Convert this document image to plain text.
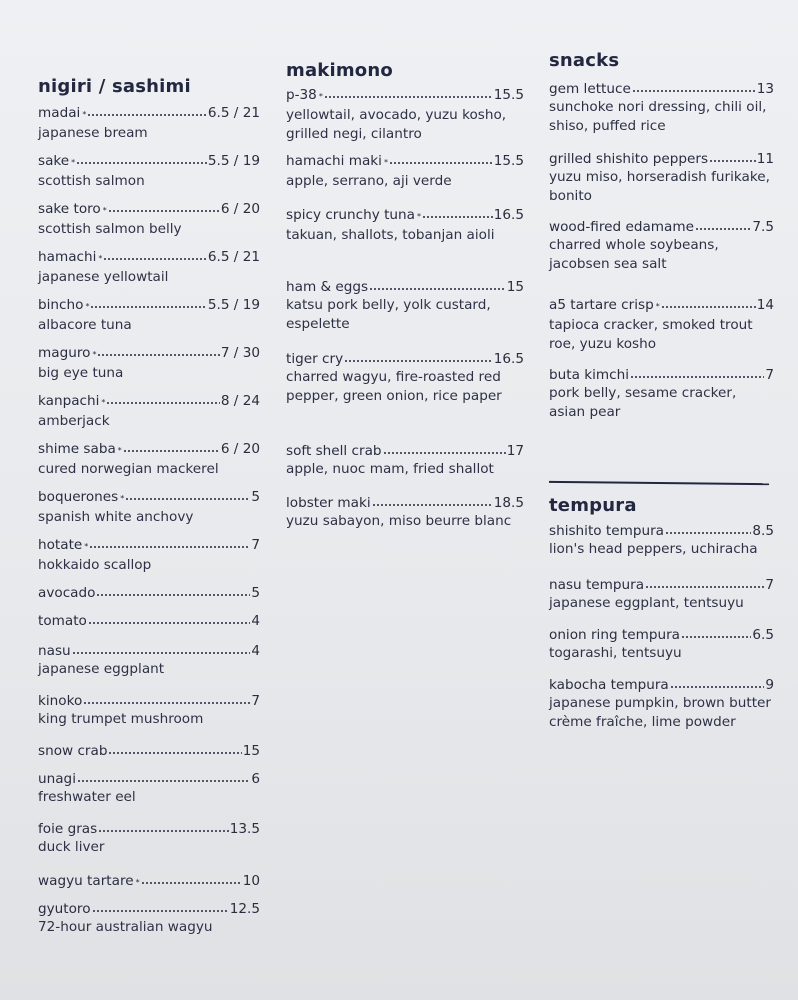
nigiri / sashimi
madai *	6.5 / 21
japanese bream
sake *	5.5 / 19
scottish salmon
sake toro *	6 / 20
scottish salmon belly
hamachi *	6.5 / 21
japanese yellowtail
bincho *	5.5 / 19
albacore tuna
maguro *	7 / 30
big eye tuna
kanpachi *	8 / 24
amberjack
shime saba *	6 / 20
cured norwegian mackerel
boquerones *	5
spanish white anchovy
hotate *	7
hokkaido scallop
avocado	5
tomato	4
nasu	4
japanese eggplant
kinoko	7
king trumpet mushroom
snow crab	15
unagi	6
freshwater eel
foie gras	13.5
duck liver
wagyu tartare *	10
gyutoro	12.5
72-hour australian wagyu
makimono
p-38 *	15.5
yellowtail, avocado, yuzu kosho, grilled negi, cilantro
hamachi maki *	15.5
apple, serrano, aji verde
spicy crunchy tuna *	16.5
takuan, shallots, tobanjan aioli
ham & eggs	15
katsu pork belly, yolk custard, espelette
tiger cry	16.5
charred wagyu, fire-roasted red pepper, green onion, rice paper
soft shell crab	17
apple, nuoc mam, fried shallot
lobster maki	18.5
yuzu sabayon, miso beurre blanc
snacks
gem lettuce	13
sunchoke nori dressing, chili oil, shiso, puffed rice
grilled shishito peppers	11
yuzu miso, horseradish furikake, bonito
wood-fired edamame	7.5
charred whole soybeans, jacobsen sea salt
a5 tartare crisp *	14
tapioca cracker, smoked trout roe, yuzu kosho
buta kimchi	7
pork belly, sesame cracker, asian pear
tempura
shishito tempura	8.5
lion's head peppers, uchiracha
nasu tempura	7
japanese eggplant, tentsuyu
onion ring tempura	6.5
togarashi, tentsuyu
kabocha tempura	9
japanese pumpkin, brown butter crème fraîche, lime powder
